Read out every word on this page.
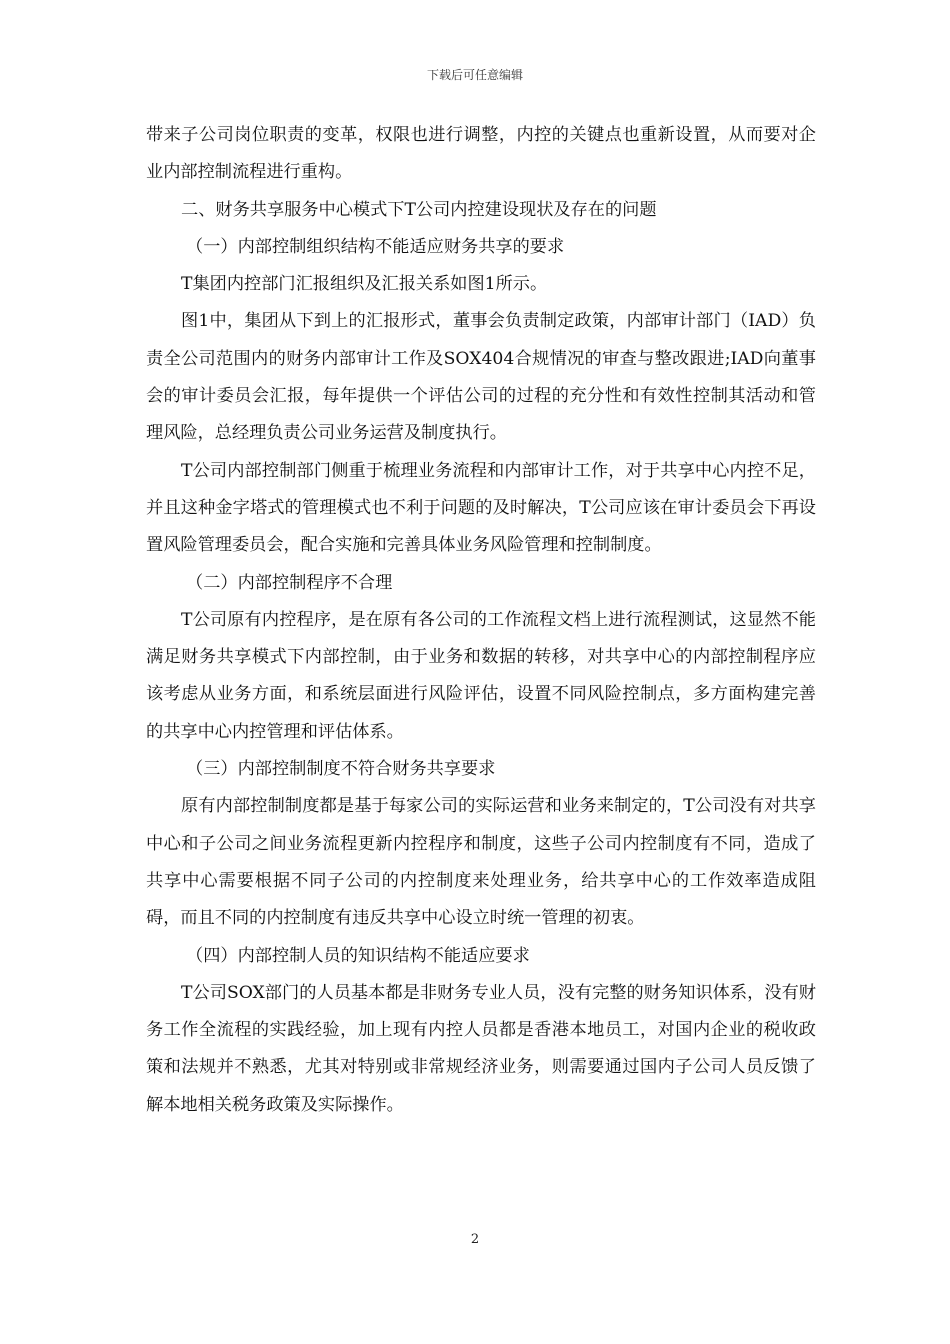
下载后可任意编辑

带来子公司岗位职责的变革，权限也进行调整，内控的关键点也重新设置，从而要对企业内部控制流程进行重构。

二、财务共享服务中心模式下T公司内控建设现状及存在的问题

（一）内部控制组织结构不能适应财务共享的要求

T集团内控部门汇报组织及汇报关系如图1所示。

图1中，集团从下到上的汇报形式，董事会负责制定政策，内部审计部门（IAD）负责全公司范围内的财务内部审计工作及SOX404合规情况的审查与整改跟进;IAD向董事会的审计委员会汇报，每年提供一个评估公司的过程的充分性和有效性控制其活动和管理风险，总经理负责公司业务运营及制度执行。

T公司内部控制部门侧重于梳理业务流程和内部审计工作，对于共享中心内控不足，并且这种金字塔式的管理模式也不利于问题的及时解决，T公司应该在审计委员会下再设置风险管理委员会，配合实施和完善具体业务风险管理和控制制度。

（二）内部控制程序不合理

T公司原有内控程序，是在原有各公司的工作流程文档上进行流程测试，这显然不能满足财务共享模式下内部控制，由于业务和数据的转移，对共享中心的内部控制程序应该考虑从业务方面，和系统层面进行风险评估，设置不同风险控制点，多方面构建完善的共享中心内控管理和评估体系。

（三）内部控制制度不符合财务共享要求

原有内部控制制度都是基于每家公司的实际运营和业务来制定的，T公司没有对共享中心和子公司之间业务流程更新内控程序和制度，这些子公司内控制度有不同，造成了共享中心需要根据不同子公司的内控制度来处理业务，给共享中心的工作效率造成阻碍，而且不同的内控制度有违反共享中心设立时统一管理的初衷。

（四）内部控制人员的知识结构不能适应要求

T公司SOX部门的人员基本都是非财务专业人员，没有完整的财务知识体系，没有财务工作全流程的实践经验，加上现有内控人员都是香港本地员工，对国内企业的税收政策和法规并不熟悉，尤其对特别或非常规经济业务，则需要通过国内子公司人员反馈了解本地相关税务政策及实际操作。

2
